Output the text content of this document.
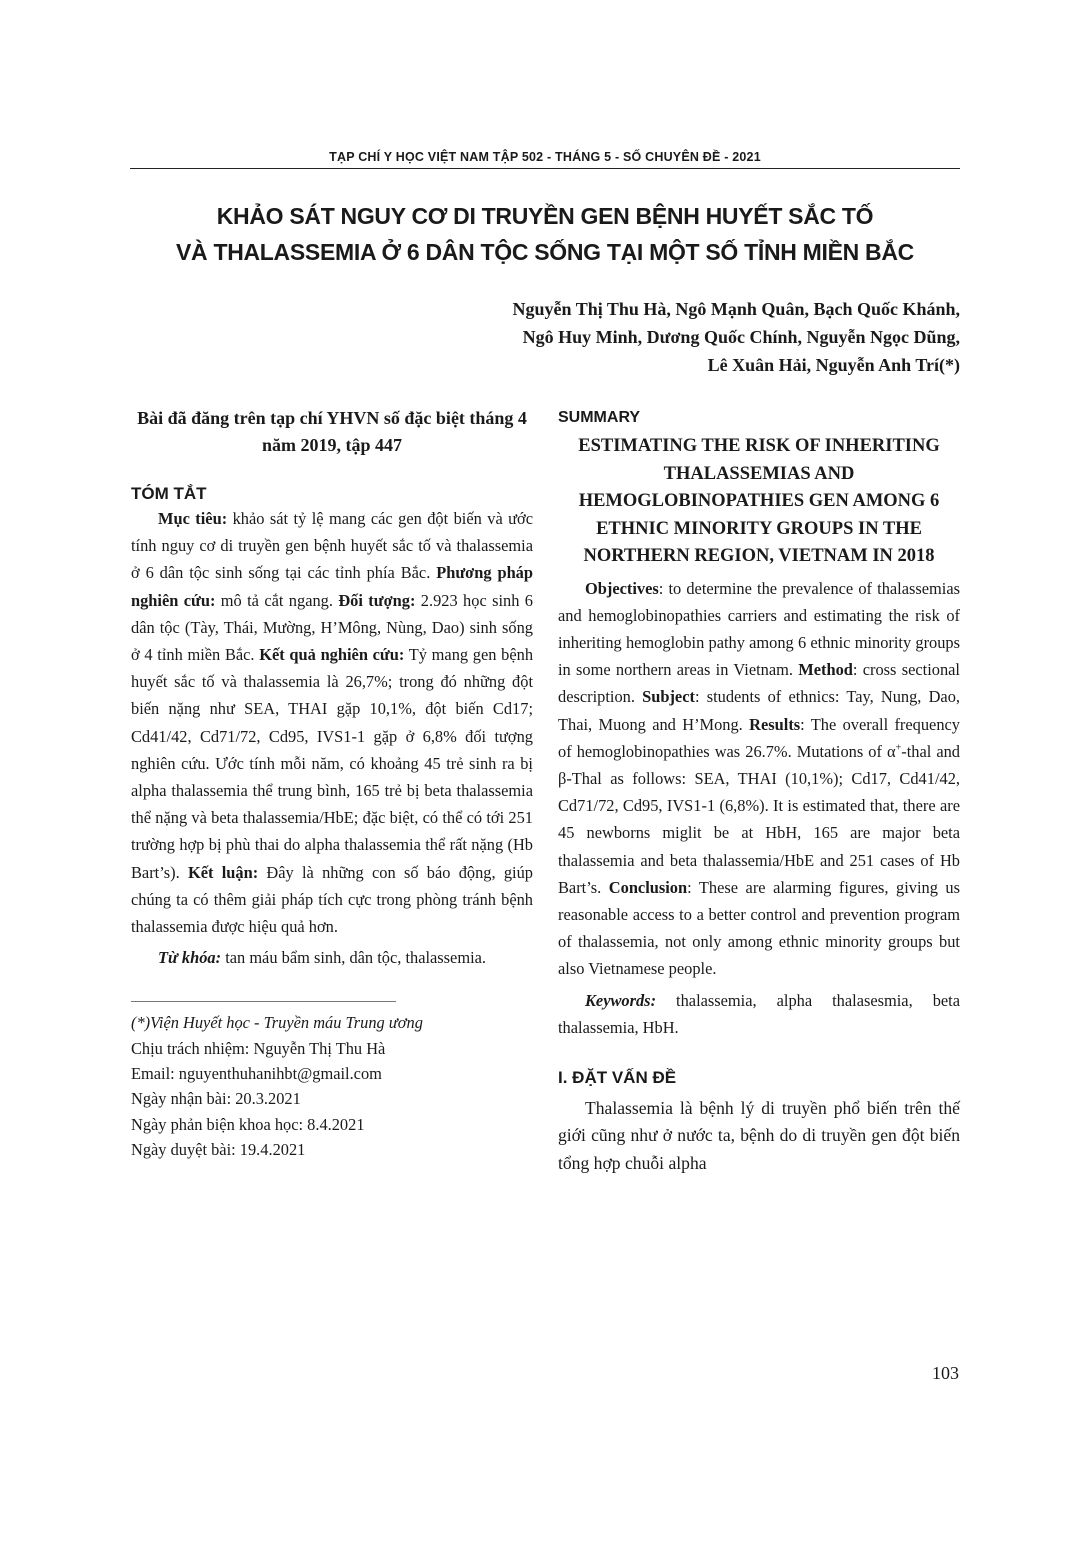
TẠP CHÍ Y HỌC VIỆT NAM TẬP 502 - THÁNG 5 - SỐ CHUYÊN ĐỀ - 2021
KHẢO SÁT NGUY CƠ DI TRUYỀN GEN BỆNH HUYẾT SẮC TỐ
VÀ THALASSEMIA Ở 6 DÂN TỘC SỐNG TẠI MỘT SỐ TỈNH MIỀN BẮC
Nguyễn Thị Thu Hà, Ngô Mạnh Quân, Bạch Quốc Khánh,
Ngô Huy Minh, Dương Quốc Chính, Nguyễn Ngọc Dũng,
Lê Xuân Hải, Nguyễn Anh Trí(*)
Bài đã đăng trên tạp chí YHVN số đặc biệt tháng 4 năm 2019, tập 447
TÓM TẮT

Mục tiêu: khảo sát tỷ lệ mang các gen đột biến và ước tính nguy cơ di truyền gen bệnh huyết sắc tố và thalassemia ở 6 dân tộc sinh sống tại các tỉnh phía Bắc. Phương pháp nghiên cứu: mô tả cắt ngang. Đối tượng: 2.923 học sinh 6 dân tộc (Tày, Thái, Mường, H’Mông, Nùng, Dao) sinh sống ở 4 tỉnh miền Bắc. Kết quả nghiên cứu: Tỷ mang gen bệnh huyết sắc tố và thalassemia là 26,7%; trong đó những đột biến nặng như SEA, THAI gặp 10,1%, đột biến Cd17; Cd41/42, Cd71/72, Cd95, IVS1-1 gặp ở 6,8% đối tượng nghiên cứu. Ước tính mỗi năm, có khoảng 45 trẻ sinh ra bị alpha thalassemia thể trung bình, 165 trẻ bị beta thalassemia thể nặng và beta thalassemia/HbE; đặc biệt, có thể có tới 251 trường hợp bị phù thai do alpha thalassemia thể rất nặng (Hb Bart’s). Kết luận: Đây là những con số báo động, giúp chúng ta có thêm giải pháp tích cực trong phòng tránh bệnh thalassemia được hiệu quả hơn.

Từ khóa: tan máu bẩm sinh, dân tộc, thalassemia.

(*)Viện Huyết học - Truyền máu Trung ương
Chịu trách nhiệm: Nguyễn Thị Thu Hà
Email: nguyenthuhanihbt@gmail.com
Ngày nhận bài: 20.3.2021
Ngày phản biện khoa học: 8.4.2021
Ngày duyệt bài: 19.4.2021
SUMMARY
ESTIMATING THE RISK OF INHERITING THALASSEMIAS AND HEMOGLOBINOPATHIES GEN AMONG 6 ETHNIC MINORITY GROUPS IN THE NORTHERN REGION, VIETNAM IN 2018

Objectives: to determine the prevalence of thalassemias and hemoglobinopathies carriers and estimating the risk of inheriting hemoglobin pathy among 6 ethnic minority groups in some northern areas in Vietnam. Method: cross sectional description. Subject: students of ethnics: Tay, Nung, Dao, Thai, Muong and H’Mong. Results: The overall frequency of hemoglobinopathies was 26.7%. Mutations of α+-thal and β-Thal as follows: SEA, THAI (10,1%); Cd17, Cd41/42, Cd71/72, Cd95, IVS1-1 (6,8%). It is estimated that, there are 45 newborns miglit be at HbH, 165 are major beta thalassemia and beta thalassemia/HbE and 251 cases of Hb Bart’s. Conclusion: These are alarming figures, giving us reasonable access to a better control and prevention program of thalassemia, not only among ethnic minority groups but also Vietnamese people.

Keywords: thalassemia, alpha thalasesmia, beta thalassemia, HbH.

I. ĐẶT VẤN ĐỀ

Thalassemia là bệnh lý di truyền phổ biến trên thế giới cũng như ở nước ta, bệnh do di truyền gen đột biến tổng hợp chuỗi alpha

103
